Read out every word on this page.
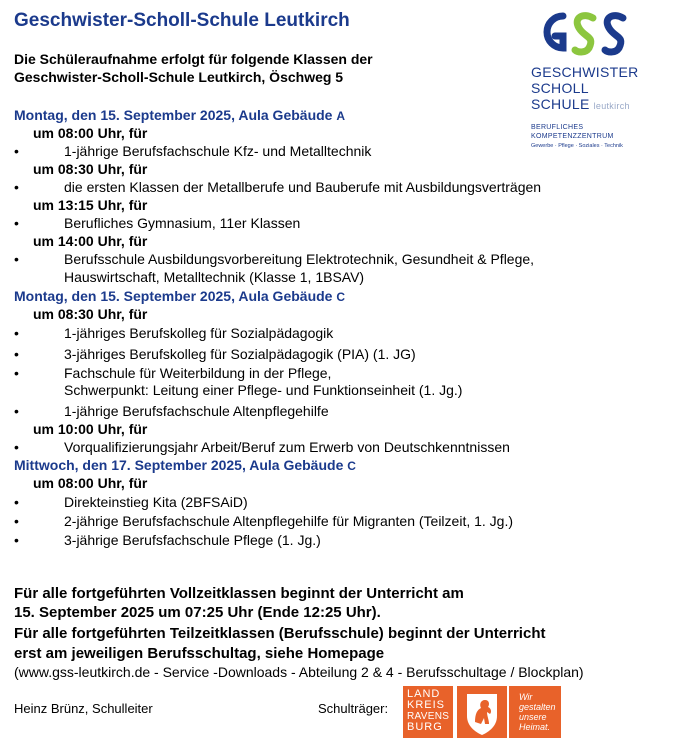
Geschwister-Scholl-Schule Leutkirch
GESCHWISTER
SCHOLL
SCHULE leutkirch
BERUFLICHES
KOMPETENZZENTRUM
Gewerbe · Pflege · Soziales · Technik
Die Schüleraufnahme erfolgt für folgende Klassen der
Geschwister-Scholl-Schule Leutkirch, Öschweg 5
Montag, den 15. September 2025, Aula Gebäude A
um 08:00 Uhr, für
•	1-jährige Berufsfachschule Kfz- und Metalltechnik
um 08:30 Uhr, für
•	die ersten Klassen der Metallberufe und Bauberufe mit Ausbildungsverträgen
um 13:15 Uhr, für
•	Berufliches Gymnasium, 11er Klassen
um 14:00 Uhr, für
•	Berufsschule Ausbildungsvorbereitung Elektrotechnik, Gesundheit & Pflege,
Hauswirtschaft, Metalltechnik (Klasse 1, 1BSAV)
Montag, den 15. September 2025, Aula Gebäude C
um 08:30 Uhr, für
•	1-jähriges Berufskolleg für Sozialpädagogik
•	3-jähriges Berufskolleg für Sozialpädagogik (PIA) (1. JG)
•	Fachschule für Weiterbildung in der Pflege,
Schwerpunkt: Leitung einer Pflege- und Funktionseinheit (1. Jg.)
•	1-jährige Berufsfachschule Altenpflegehilfe
um 10:00 Uhr, für
•	Vorqualifizierungsjahr Arbeit/Beruf zum Erwerb von Deutschkenntnissen
Mittwoch, den 17. September 2025, Aula Gebäude C
um 08:00 Uhr, für
•	Direkteinstieg Kita (2BFSAiD)
•	2-jährige Berufsfachschule Altenpflegehilfe für Migranten (Teilzeit, 1. Jg.)
•	3-jährige Berufsfachschule Pflege (1. Jg.)
Für alle fortgeführten Vollzeitklassen beginnt der Unterricht am
15. September 2025 um 07:25 Uhr (Ende 12:25 Uhr).
Für alle fortgeführten Teilzeitklassen (Berufsschule) beginnt der Unterricht
erst am jeweiligen Berufsschultag, siehe Homepage
(www.gss-leutkirch.de - Service -Downloads - Abteilung 2 & 4 - Berufsschultage / Blockplan)
Heinz Brünz, Schulleiter	Schulträger:
LAND
KREIS
RAVENS
BURG
Wir
gestalten
unsere
Heimat.
